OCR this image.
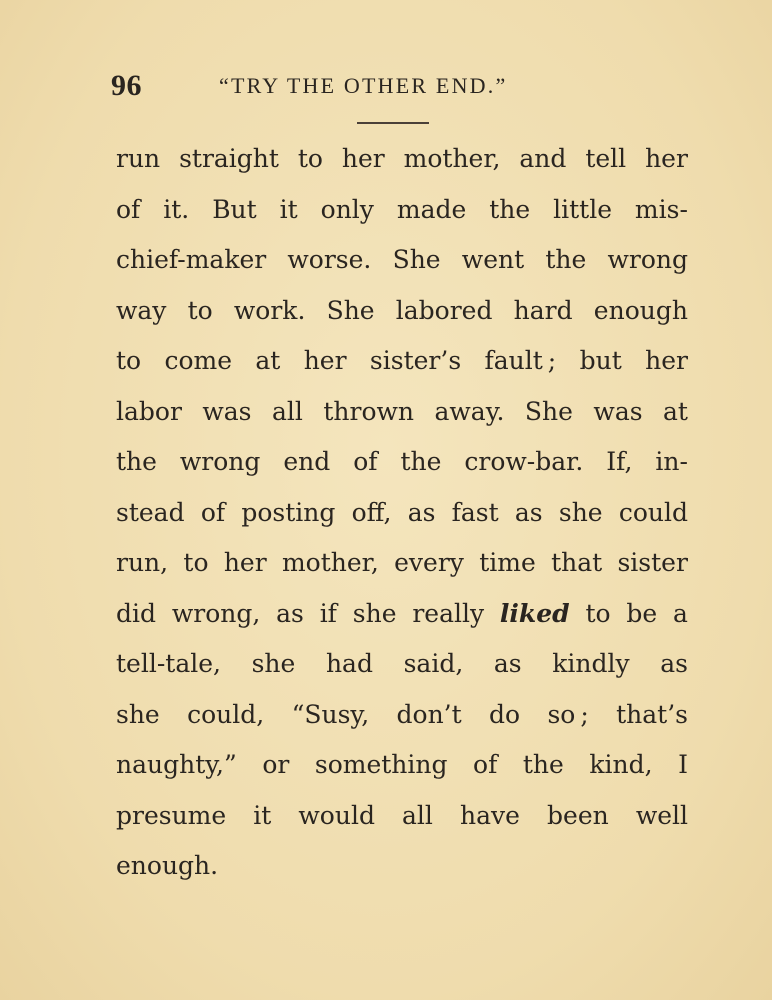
96	“TRY THE OTHER END.”
run straight to her mother, and tell her
of it. But it only made the little mis-
chief-maker worse. She went the wrong
way to work. She labored hard enough
to come at her sister’s fault ; but her
labor was all thrown away. She was at
the wrong end of the crow-bar. If, in-
stead of posting off, as fast as she could
run, to her mother, every time that sister
did wrong, as if she really liked to be a
tell-tale, she had said, as kindly as
she could, “Susy, don’t do so ; that’s
naughty,” or something of the kind, I
presume it would all have been well
enough.
